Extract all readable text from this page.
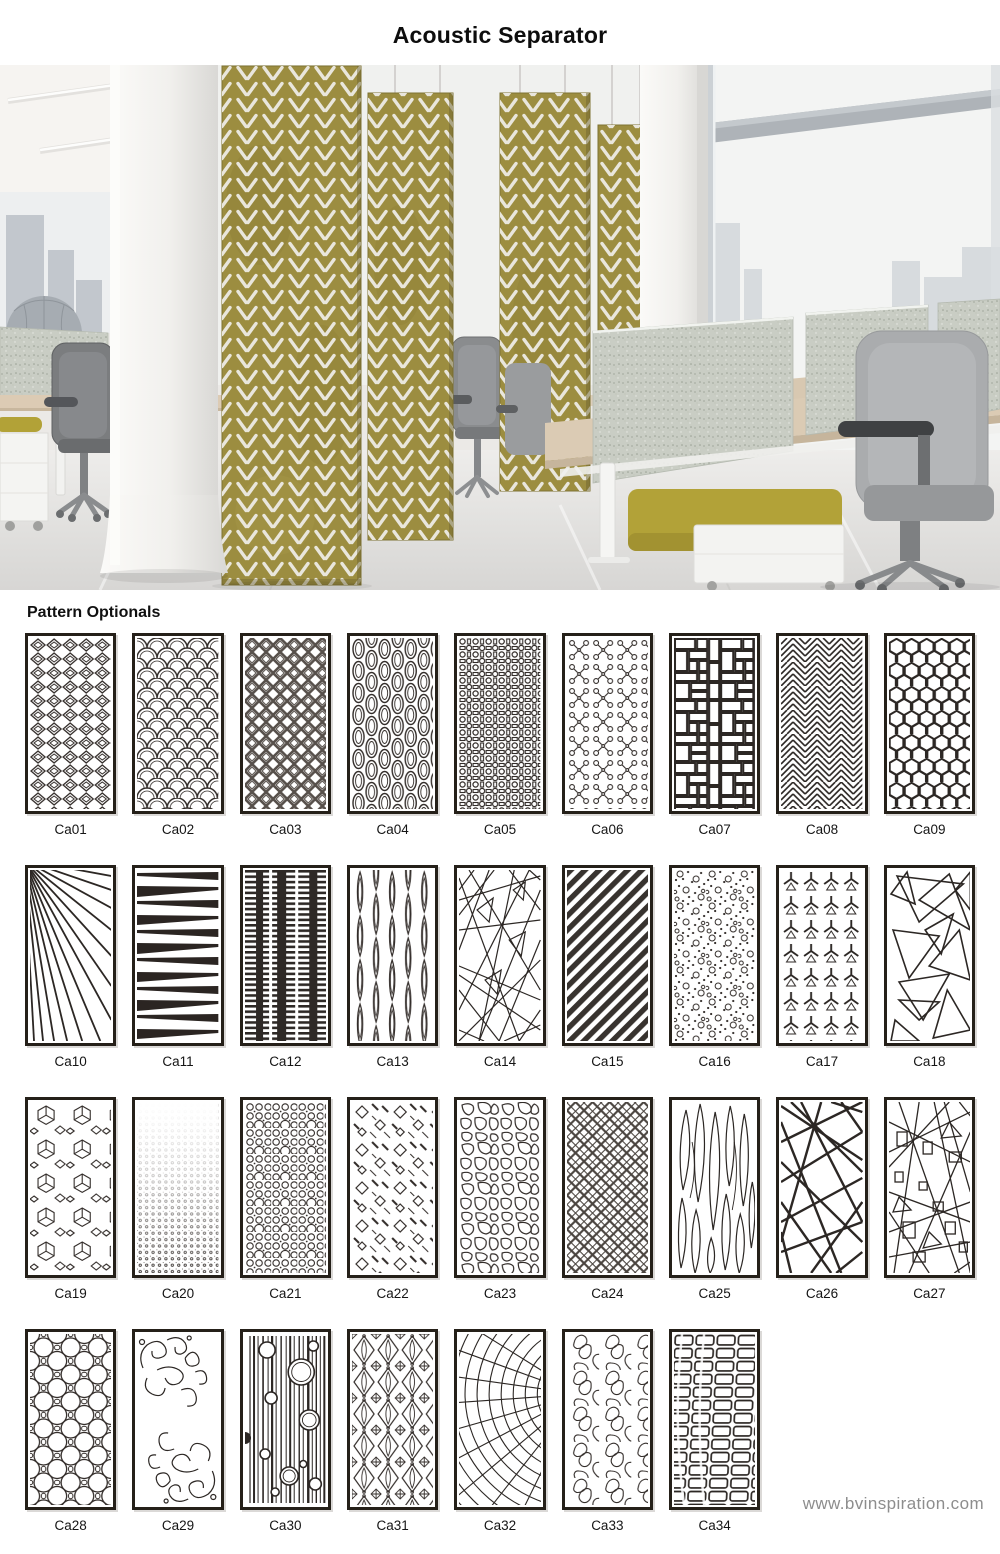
Acoustic Separator
Pattern Optionals
Ca01	Ca02	Ca03	Ca04	Ca05	Ca06	Ca07	Ca08	Ca09
Ca10	Ca11	Ca12	Ca13	Ca14	Ca15	Ca16	Ca17	Ca18
Ca19	Ca20	Ca21	Ca22	Ca23	Ca24	Ca25	Ca26	Ca27
Ca28	Ca29	Ca30	Ca31	Ca32	Ca33	Ca34
www.bvinspiration.com
